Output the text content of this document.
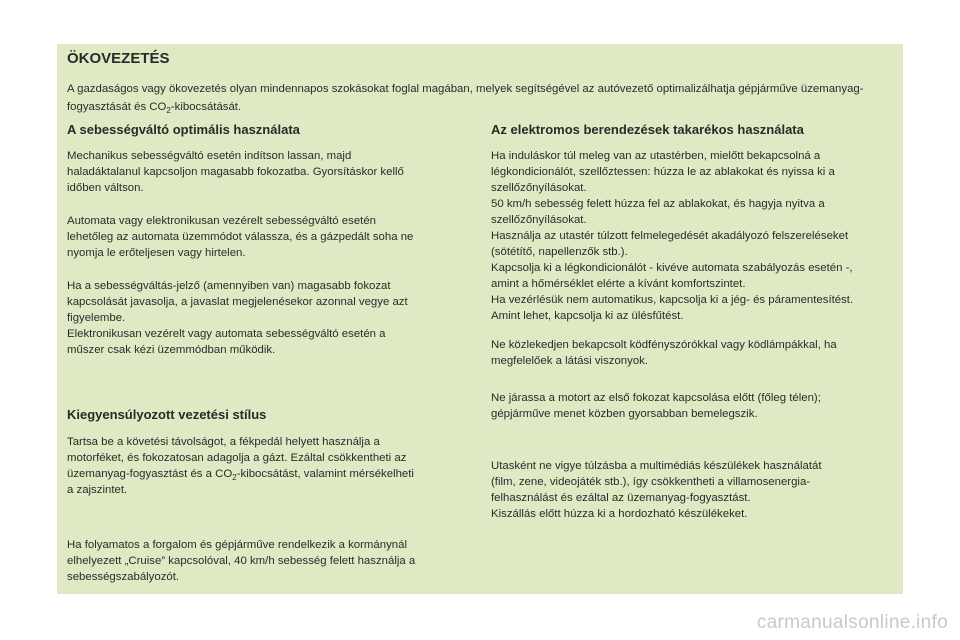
ÖKOVEZETÉS

A gazdaságos vagy ökovezetés olyan mindennapos szokásokat foglal magában, melyek segítségével az autóvezető optimalizálhatja gépjárműve üzemanyag-fogyasztását és $CO_2$-kibocsátását.

A sebességváltó optimális használata

Mechanikus sebességváltó esetén indítson lassan, majd
haladáktalanul kapcsoljon magasabb fokozatba. Gyorsításkor kellő
időben váltson.

Automata vagy elektronikusan vezérelt sebességváltó esetén
lehetőleg az automata üzemmódot válassza, és a gázpedált soha ne
nyomja le erőteljesen vagy hirtelen.

Ha a sebességváltás-jelző (amennyiben van) magasabb fokozat
kapcsolását javasolja, a javaslat megjelenésekor azonnal vegye azt
figyelembe.
Elektronikusan vezérelt vagy automata sebességváltó esetén a
műszer csak kézi üzemmódban működik.

Kiegyensúlyozott vezetési stílus

Tartsa be a követési távolságot, a fékpedál helyett használja a
motorféket, és fokozatosan adagolja a gázt. Ezáltal csökkentheti az
üzemanyag-fogyasztást és a $CO_2$-kibocsátást, valamint mérsékelheti
a zajszintet.

Ha folyamatos a forgalom és gépjárműve rendelkezik a kormánynál
elhelyezett „Cruise” kapcsolóval, 40 km/h sebesség felett használja a
sebességszabályozót.

Az elektromos berendezések takarékos használata

Ha induláskor túl meleg van az utastérben, mielőtt bekapcsolná a
légkondicionálót, szellőztessen: húzza le az ablakokat és nyissa ki a
szellőzőnyílásokat.
50 km/h sebesség felett húzza fel az ablakokat, és hagyja nyitva a
szellőzőnyílásokat.
Használja az utastér túlzott felmelegedését akadályozó felszereléseket
(sötétítő, napellenzők stb.).
Kapcsolja ki a légkondicionálót - kivéve automata szabályozás esetén -,
amint a hőmérséklet elérte a kívánt komfortszintet.
Ha vezérlésük nem automatikus, kapcsolja ki a jég- és páramentesítést.
Amint lehet, kapcsolja ki az ülésfűtést.

Ne közlekedjen bekapcsolt ködfényszórókkal vagy ködlámpákkal, ha
megfelelőek a látási viszonyok.

Ne járassa a motort az első fokozat kapcsolása előtt (főleg télen);
gépjárműve menet közben gyorsabban bemelegszik.

Utasként ne vigye túlzásba a multimédiás készülékek használatát
(film, zene, videojáték stb.), így csökkentheti a villamosenergia-
felhasználást és ezáltal az üzemanyag-fogyasztást.
Kiszállás előtt húzza ki a hordozható készülékeket.

carmanualsonline.info
